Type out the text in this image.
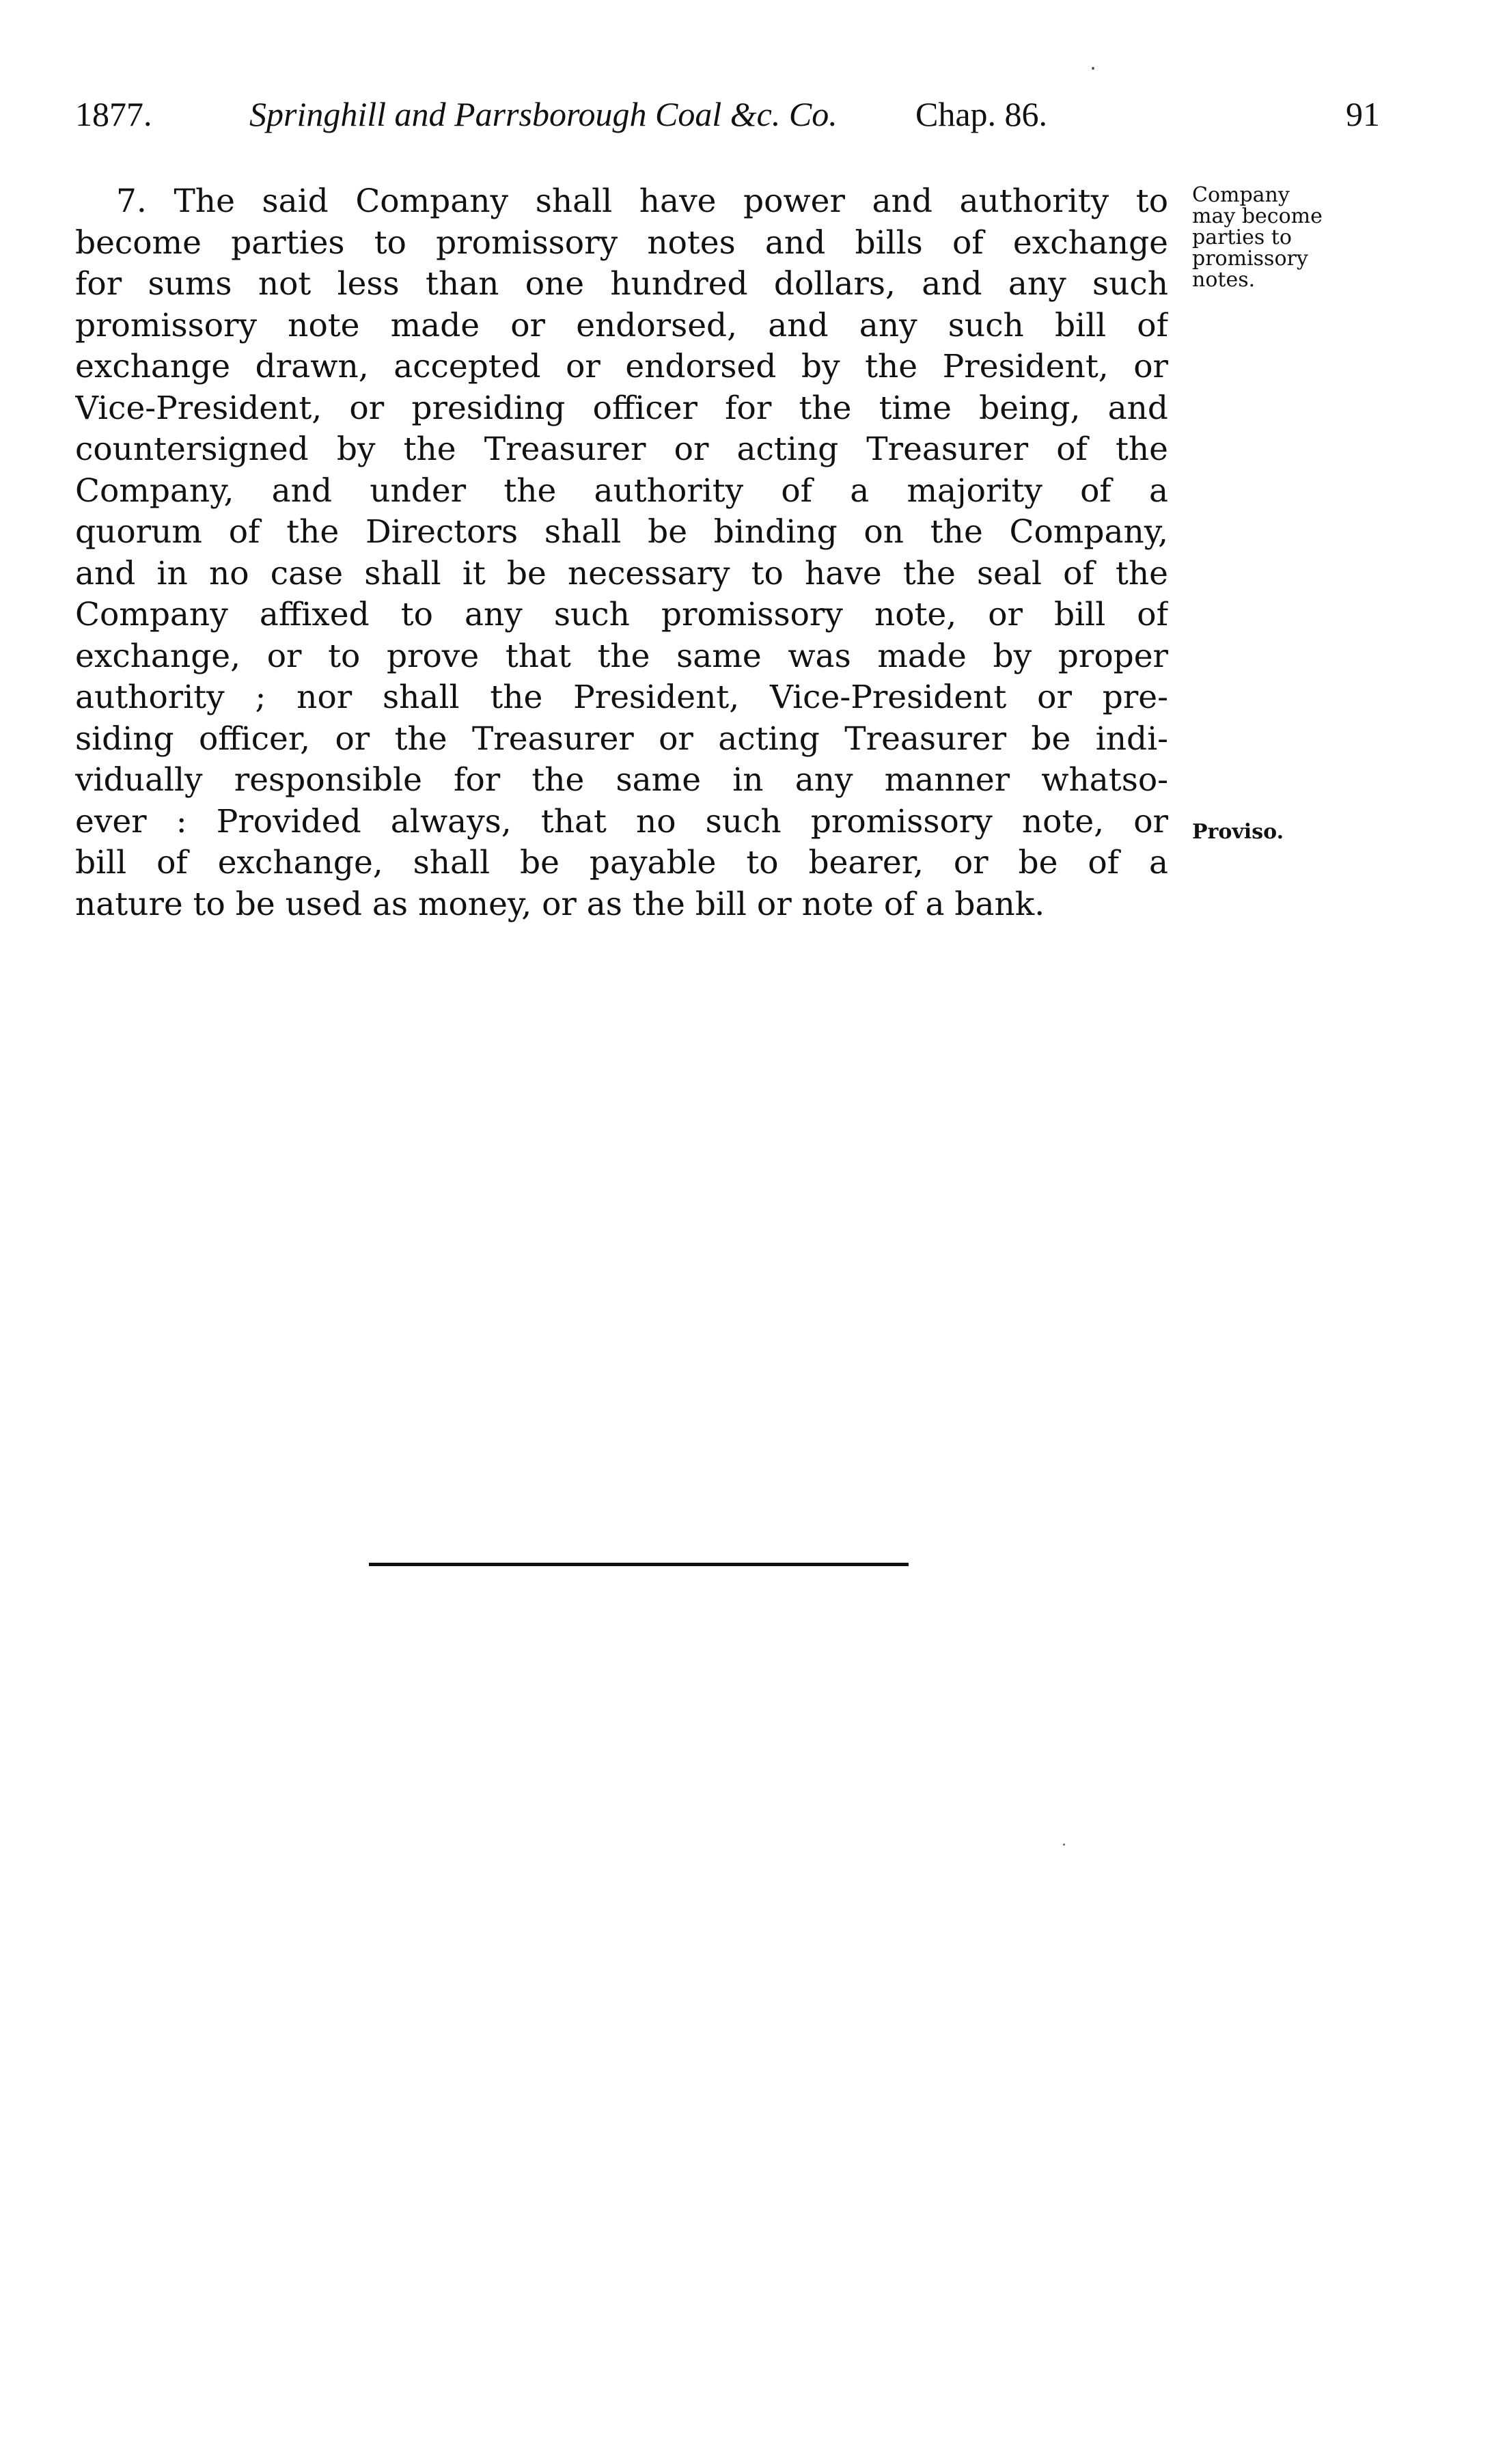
1877.	Springhill and Parrsborough Coal &c. Co. Chap. 86.	91
7. The said Company shall have power and authority to
become parties to promissory notes and bills of exchange
for sums not less than one hundred dollars, and any such
promissory note made or endorsed, and any such bill of
exchange drawn, accepted or endorsed by the President, or
Vice-President, or presiding officer for the time being, and
countersigned by the Treasurer or acting Treasurer of the
Company, and under the authority of a majority of a
quorum of the Directors shall be binding on the Company,
and in no case shall it be necessary to have the seal of the
Company affixed to any such promissory note, or bill of
exchange, or to prove that the same was made by proper
authority ; nor shall the President, Vice-President or pre-
siding officer, or the Treasurer or acting Treasurer be indi-
vidually responsible for the same in any manner whatso-
ever : Provided always, that no such promissory note, or
bill of exchange, shall be payable to bearer, or be of a
nature to be used as money, or as the bill or note of a bank.
Company
may become
parties to
promissory
notes.
Proviso.
